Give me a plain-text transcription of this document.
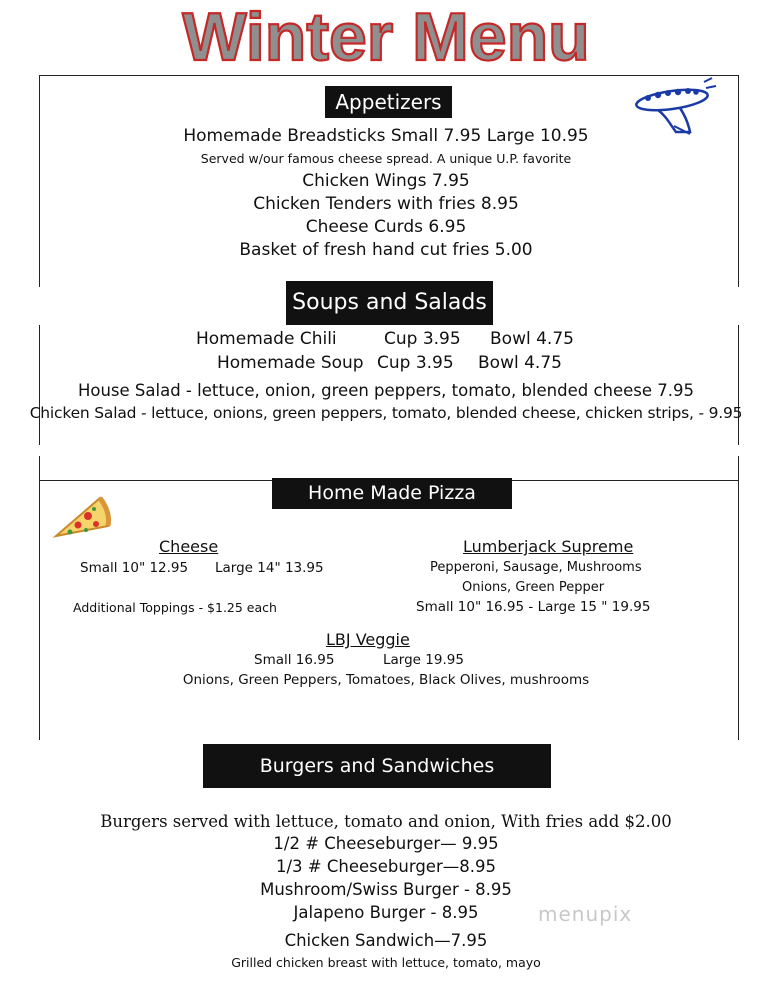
Winter Menu
Appetizers
Homemade Breadsticks Small 7.95 Large 10.95
Served w/our famous cheese spread. A unique U.P. favorite
Chicken Wings 7.95
Chicken Tenders with fries 8.95
Cheese Curds 6.95
Basket of fresh hand cut fries 5.00
Soups and Salads
Homemade Chili	Cup 3.95 Bowl 4.75
Homemade Soup Cup 3.95 Bowl 4.75
House Salad - lettuce, onion, green peppers, tomato, blended cheese 7.95
Chicken Salad - lettuce, onions, green peppers, tomato, blended cheese, chicken strips, - 9.95
Home Made Pizza
Cheese
Small 10" 12.95 Large 14" 13.95
Additional Toppings - $1.25 each
Lumberjack Supreme
Pepperoni, Sausage, Mushrooms
Onions, Green Pepper
Small 10" 16.95 - Large 15 " 19.95
LBJ Veggie
Small 16.95	Large 19.95
Onions, Green Peppers, Tomatoes, Black Olives, mushrooms
Burgers and Sandwiches
Burgers served with lettuce, tomato and onion, With fries add $2.00
1/2 # Cheeseburger— 9.95
1/3 # Cheeseburger—8.95
Mushroom/Swiss Burger - 8.95
Jalapeno Burger - 8.95
Chicken Sandwich—7.95
Grilled chicken breast with lettuce, tomato, mayo
menupix
